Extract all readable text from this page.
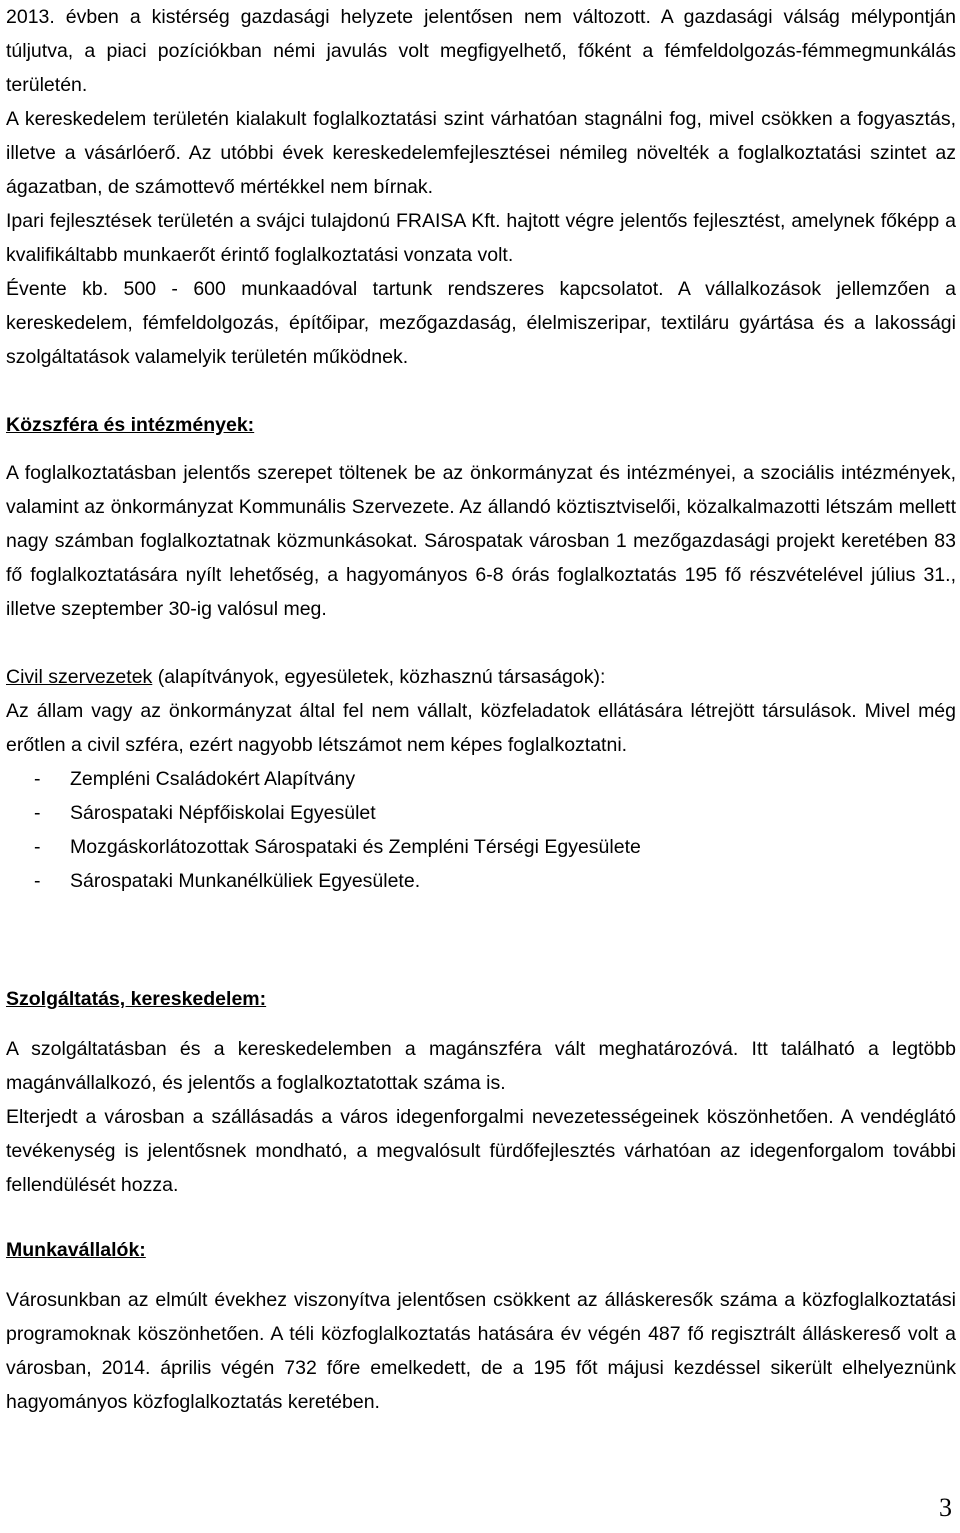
2013. évben a kistérség gazdasági helyzete jelentősen nem változott. A gazdasági válság mélypontján túljutva, a piaci pozíciókban némi javulás volt megfigyelhető, főként a fémfeldolgozás-fémmegmunkálás területén.

A kereskedelem területén kialakult foglalkoztatási szint várhatóan stagnálni fog, mivel csökken a fogyasztás, illetve a vásárlóerő. Az utóbbi évek kereskedelemfejlesztései némileg növelték a foglalkoztatási szintet az ágazatban, de számottevő mértékkel nem bírnak.

Ipari fejlesztések területén a svájci tulajdonú FRAISA Kft. hajtott végre jelentős fejlesztést, amelynek főképp a kvalifikáltabb munkaerőt érintő foglalkoztatási vonzata volt.

Évente kb. 500 - 600 munkaadóval tartunk rendszeres kapcsolatot. A vállalkozások jellemzően a kereskedelem, fémfeldolgozás, építőipar, mezőgazdaság, élelmiszeripar, textiláru gyártása és a lakossági szolgáltatások valamelyik területén működnek.

Közszféra és intézmények:

A foglalkoztatásban jelentős szerepet töltenek be az önkormányzat és intézményei, a szociális intézmények, valamint az önkormányzat Kommunális Szervezete. Az állandó köztisztviselői, közalkalmazotti létszám mellett nagy számban foglalkoztatnak közmunkásokat. Sárospatak városban 1 mezőgazdasági projekt keretében 83 fő foglalkoztatására nyílt lehetőség, a hagyományos 6-8 órás foglalkoztatás 195 fő részvételével július 31., illetve szeptember 30-ig valósul meg.

Civil szervezetek (alapítványok, egyesületek, közhasznú társaságok):

Az állam vagy az önkormányzat által fel nem vállalt, közfeladatok ellátására létrejött társulások. Mivel még erőtlen a civil szféra, ezért nagyobb létszámot nem képes foglalkoztatni.

-	Zempléni Családokért Alapítvány
-	Sárospataki Népfőiskolai Egyesület
-	Mozgáskorlátozottak Sárospataki és Zempléni Térségi Egyesülete
-	Sárospataki Munkanélküliek Egyesülete.

Szolgáltatás, kereskedelem:

A szolgáltatásban és a kereskedelemben a magánszféra vált meghatározóvá. Itt található a legtöbb magánvállalkozó, és jelentős a foglalkoztatottak száma is.

Elterjedt a városban a szállásadás a város idegenforgalmi nevezetességeinek köszönhetően. A vendéglátó tevékenység is jelentősnek mondható, a megvalósult fürdőfejlesztés várhatóan az idegenforgalom további fellendülését hozza.

Munkavállalók:

Városunkban az elmúlt évekhez viszonyítva jelentősen csökkent az álláskeresők száma a közfoglalkoztatási programoknak köszönhetően. A téli közfoglalkoztatás hatására év végén 487 fő regisztrált álláskereső volt a városban, 2014. április végén 732 főre emelkedett, de a 195 főt májusi kezdéssel sikerült elhelyeznünk hagyományos közfoglalkoztatás keretében.

3
